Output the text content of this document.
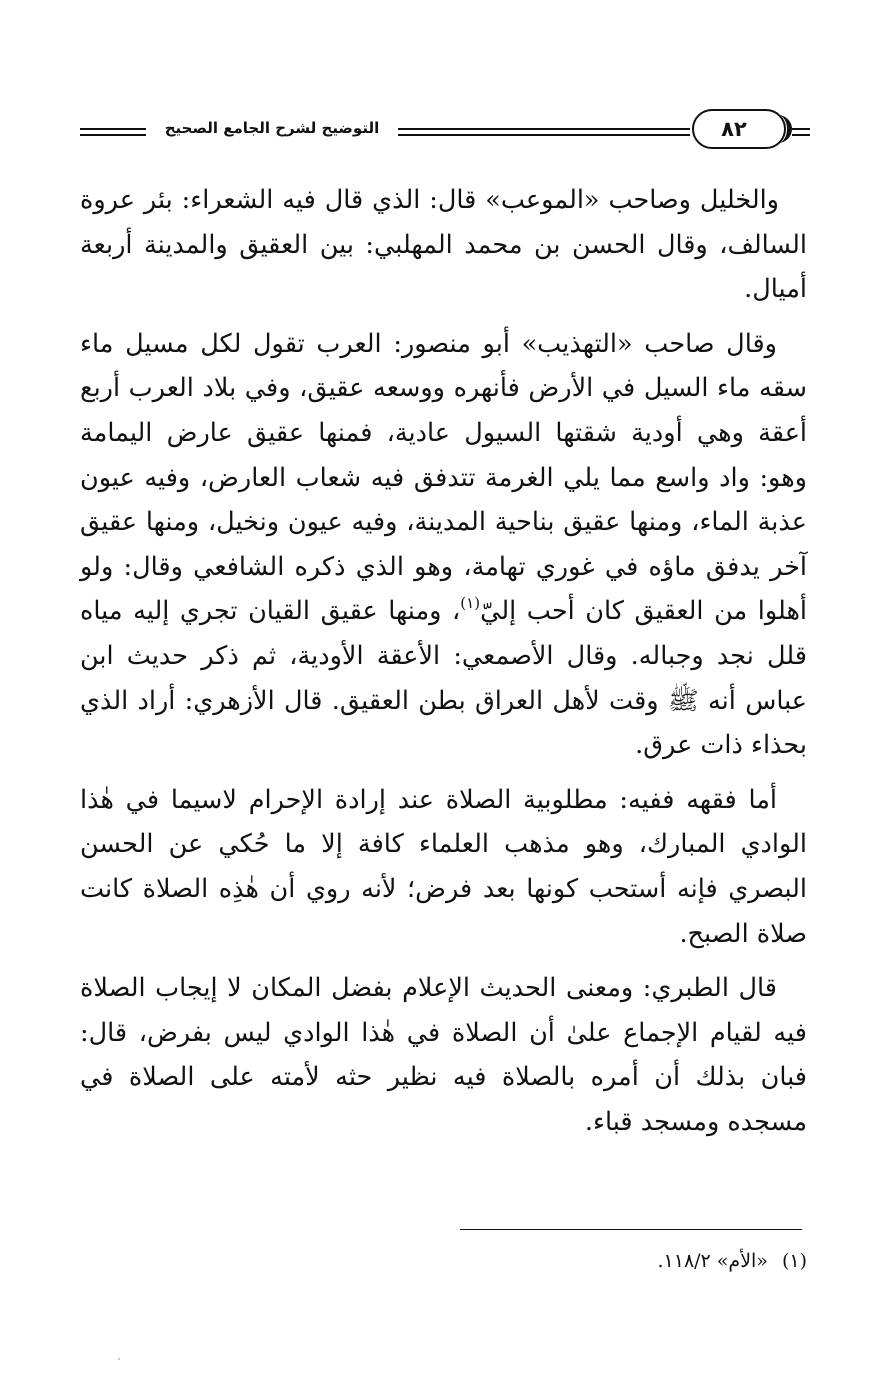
التوضيح لشرح الجامع الصحيح	٨٢

والخليل وصاحب «الموعب» قال: الذي قال فيه الشعراء: بئر عروة السالف، وقال الحسن بن محمد المهلبي: بين العقيق والمدينة أربعة أميال.

وقال صاحب «التهذيب» أبو منصور: العرب تقول لكل مسيل ماء سقه ماء السيل في الأرض فأنهره ووسعه عقيق، وفي بلاد العرب أربع أعقة وهي أودية شقتها السيول عادية، فمنها عقيق عارض اليمامة وهو: واد واسع مما يلي الغرمة تتدفق فيه شعاب العارض، وفيه عيون عذبة الماء، ومنها عقيق بناحية المدينة، وفيه عيون ونخيل، ومنها عقيق آخر يدفق ماؤه في غوري تهامة، وهو الذي ذكره الشافعي وقال: ولو أهلوا من العقيق كان أحب إليّ$^{(١)}$، ومنها عقيق القيان تجري إليه مياه قلل نجد وجباله. وقال الأصمعي: الأعقة الأودية، ثم ذكر حديث ابن عباس أنه ﷺ وقت لأهل العراق بطن العقيق. قال الأزهري: أراد الذي بحذاء ذات عرق.

أما فقهه ففيه: مطلوبية الصلاة عند إرادة الإحرام لاسيما في هٰذا الوادي المبارك، وهو مذهب العلماء كافة إلا ما حُكي عن الحسن البصري فإنه أستحب كونها بعد فرض؛ لأنه روي أن هٰذِه الصلاة كانت صلاة الصبح.

قال الطبري: ومعنى الحديث الإعلام بفضل المكان لا إيجاب الصلاة فيه لقيام الإجماع علىٰ أن الصلاة في هٰذا الوادي ليس بفرض، قال: فبان بذلك أن أمره بالصلاة فيه نظير حثه لأمته على الصلاة في مسجده ومسجد قباء.

(١)«الأم» ١١٨/٢.
